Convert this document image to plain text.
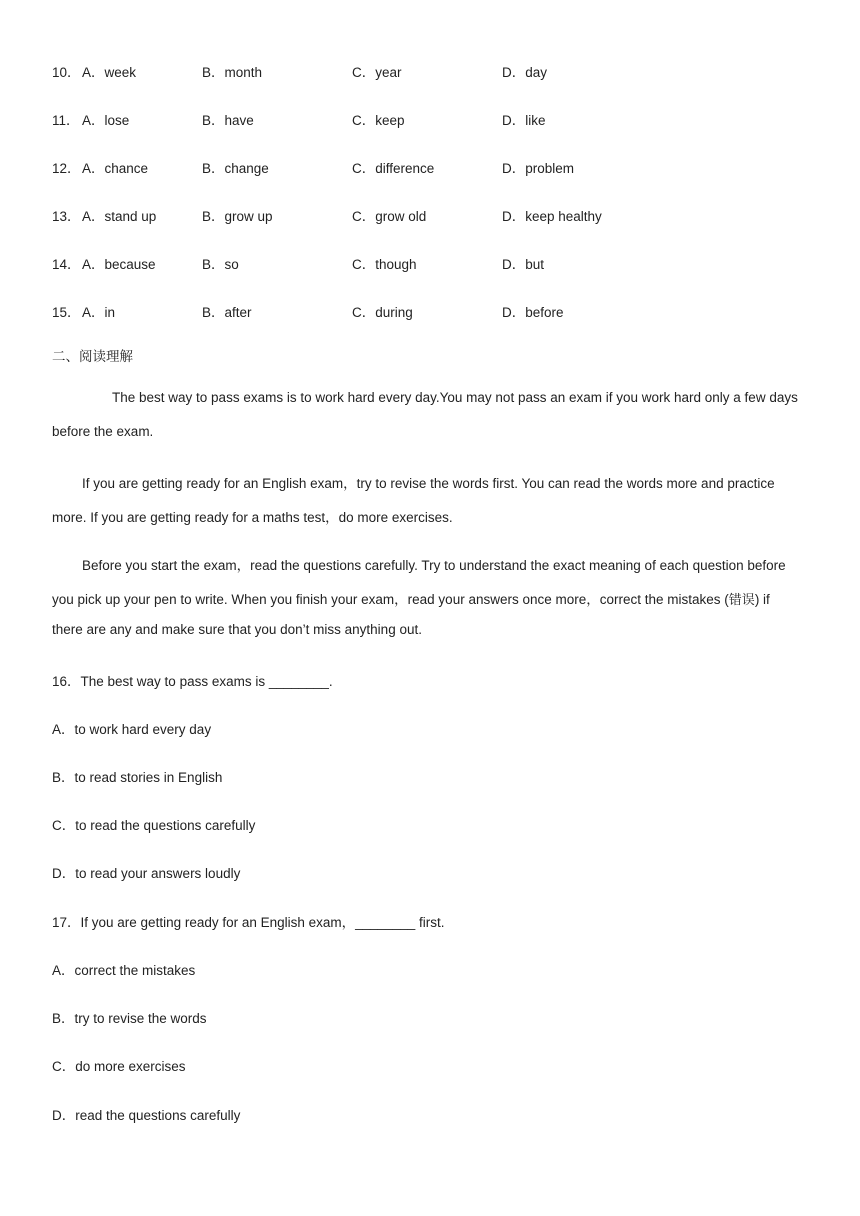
10． A．week	B．month	C．year	D．day
11． A．lose	B．have	C．keep	D．like
12． A．chance	B．change	C．difference	D．problem
13． A．stand up	B．grow up	C．grow old	D．keep healthy
14． A．because	B．so	C．though	D．but
15． A．in	B．after	C．during	D．before
二、阅读理解
The best way to pass exams is to work hard every day.You may not pass an exam if you work hard only a few days
before the exam.
If you are getting ready for an English exam，try to revise the words first. You can read the words more and practice
more. If you are getting ready for a maths test，do more exercises.
Before you start the exam，read the questions carefully. Try to understand the exact meaning of each question before
you pick up your pen to write. When you finish your exam，read your answers once more，correct the mistakes (错误) if
there are any and make sure that you don’t miss anything out.
16．The best way to pass exams is ________.
A．to work hard every day
B．to read stories in English
C．to read the questions carefully
D．to read your answers loudly
17．If you are getting ready for an English exam，________ first.
A．correct the mistakes
B．try to revise the words
C．do more exercises
D．read the questions carefully
